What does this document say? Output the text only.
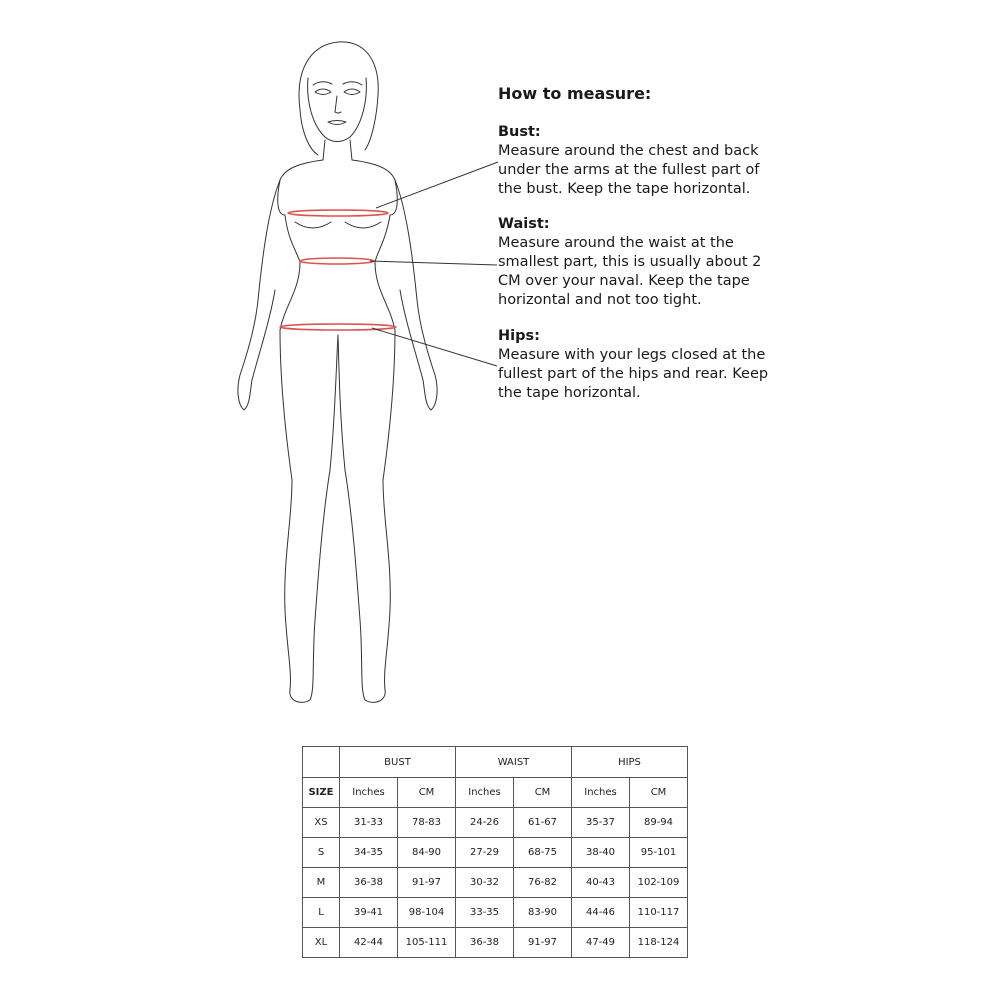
How to measure:
Bust:
Measure around the chest and back
under the arms at the fullest part of
the bust. Keep the tape horizontal.
Waist:
Measure around the waist at the
smallest part, this is usually about 2
CM over your naval. Keep the tape
horizontal and not too tight.
Hips:
Measure with your legs closed at the
fullest part of the hips and rear. Keep
the tape horizontal.
	BUST		WAIST		HIPS	
SIZE	Inches	CM	Inches	CM	Inches	CM
XS	31-33	78-83	24-26	61-67	35-37	89-94
S	34-35	84-90	27-29	68-75	38-40	95-101
M	36-38	91-97	30-32	76-82	40-43	102-109
L	39-41	98-104	33-35	83-90	44-46	110-117
XL	42-44	105-111	36-38	91-97	47-49	118-124
